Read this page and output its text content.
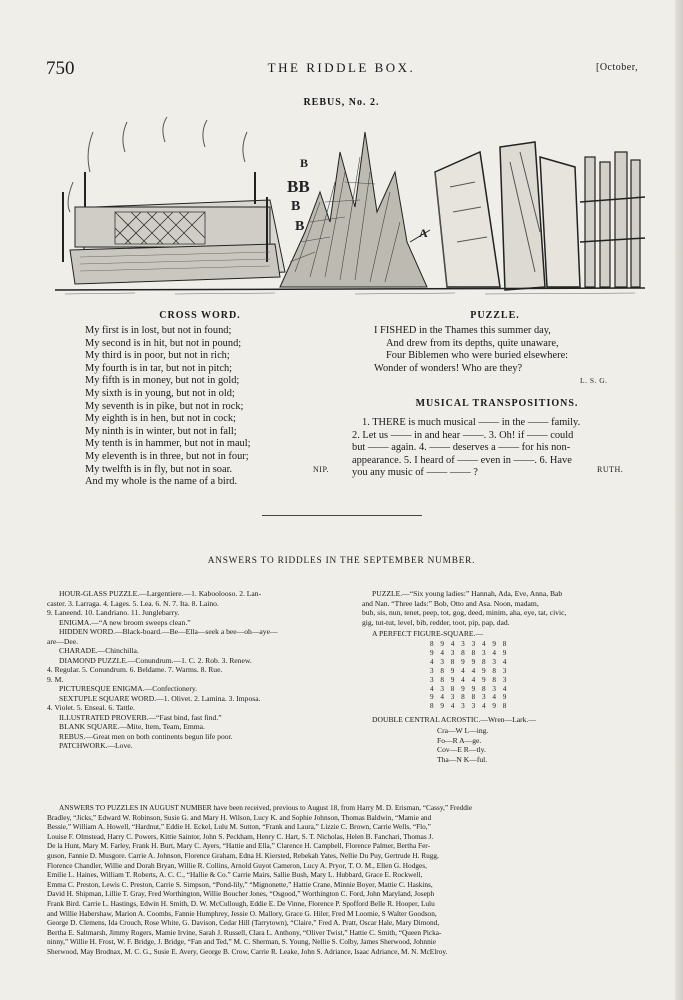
750	THE RIDDLE BOX.	[October,
REBUS, No. 2.
B
BB
B
B	A
CROSS WORD.
My first is in lost, but not in found;
My second is in hit, but not in pound;
My third is in poor, but not in rich;
My fourth is in tar, but not in pitch;
My fifth is in money, but not in gold;
My sixth is in young, but not in old;
My seventh is in pike, but not in rock;
My eighth is in hen, but not in cock;
My ninth is in winter, but not in fall;
My tenth is in hammer, but not in maul;
My eleventh is in three, but not in four;
My twelfth is in fly, but not in soar.
And my whole is the name of a bird.
NIP.
PUZZLE.
I FISHED in the Thames this summer day,
And drew from its depths, quite unaware,
Four Biblemen who were buried elsewhere:
Wonder of wonders! Who are they?
L. S. G.
MUSICAL TRANSPOSITIONS.
1. THERE is much musical —— in the —— family.
2. Let us —— in and hear ——. 3. Oh! if —— could
but —— again. 4. —— deserves a —— for his non-
appearance. 5. I heard of —— even in ——. 6. Have
you any music of —— —— ?	RUTH.
ANSWERS TO RIDDLES IN THE SEPTEMBER NUMBER.
HOUR-GLASS PUZZLE.—Largentiere.—1. Kaboolooso. 2. Lan-
caster. 3. Larraga. 4. Lages. 5. Lea. 6. N. 7. Ita. 8. Laino.
9. Laneend. 10. Landriano. 11. Junglebarry.
ENIGMA.—“A new broom sweeps clean.”
HIDDEN WORD.—Black-board.—Be—Ella—seek a bee—oh—aye—
are—Dee.
CHARADE.—Chinchilla.
DIAMOND PUZZLE.—Conundrum.—1. C. 2. Rob. 3. Renew.
4. Regular. 5. Conundrum. 6. Beldame. 7. Warms. 8. Rue.
9. M.
PICTURESQUE ENIGMA.—Confectionery.
SEXTUPLE SQUARE WORD.—1. Olivet. 2. Lamina. 3. Imposa.
4. Violet. 5. Enseal. 6. Tattle.
ILLUSTRATED PROVERB.—“Fast bind, fast find.”
BLANK SQUARE.—Mite, Item, Team, Emma.
REBUS.—Great men on both continents begun life poor.
PATCHWORK.—Love.
PUZZLE.—“Six young ladies:” Hannah, Ada, Eve, Anna, Bab
and Nan. “Three lads:” Bob, Otto and Asa. Noon, madam,
bub, sis, nun, tenet, peep, tot, gog, deed, minim, aha, eye, tat, civic,
gig, tut-tut, level, bib, redder, toot, pip, pap, dad.
A PERFECT FIGURE-SQUARE.—
8 9 4 3 3 4 9 8
9 4 3 8 8 3 4 9
4 3 8 9 9 8 3 4
3 8 9 4 4 9 8 3
3 8 9 4 4 9 8 3
4 3 8 9 9 8 3 4
9 4 3 8 8 3 4 9
8 9 4 3 3 4 9 8
DOUBLE CENTRAL ACROSTIC.—Wren—Lark.—
Cra—W L—ing.
Fo—R A—ge.
Cov—E R—tly.
Tha—N K—ful.
ANSWERS TO PUZZLES IN AUGUST NUMBER have been received, previous to August 18, from Harry M. D. Erisman, “Cassy,” Freddie
Bradley, “Jicks,” Edward W. Robinson, Susie G. and Mary H. Wilson, Lucy K. and Sophie Johnson, Thomas Baldwin, “Mamie and
Bessie,” William A. Howell, “Hardnut,” Eddie H. Eckel, Lulu M. Sutton, “Frank and Laura,” Lizzie C. Brown, Carrie Wells, “Flo,”
Louise F. Olmstead, Harry C. Powers, Kittie Saintor, John S. Peckham, Henry C. Hart, S. T. Nicholas, Helen B. Fanchari, Thomas J.
De la Hunt, Mary M. Farley, Frank H. Burt, Mary C. Ayers, “Hattie and Ella,” Clarence H. Campbell, Florence Palmer, Bertha Fer-
guson, Fannie D. Musgore. Carrie A. Johnson, Florence Graham, Edna H. Kiersted, Rebekah Yates, Nellie Du Puy, Gertrude H. Rugg,
Florence Chandler, Willie and Dorah Bryan, Willie R. Collins, Arnold Guyot Cameron, Lucy A. Pryor, T. O. M., Ellen G. Hodges,
Emilie L. Haines, William T. Roberts, A. C. C., “Hallie & Co.” Carrie Mairs, Sallie Bush, Mary L. Hubbard, Grace E. Rockwell,
Emma C. Preston, Lewis C. Preston, Carrie S. Simpson, “Pond-lily,” “Mignonette,” Hattie Crane, Minnie Boyer, Mattie C. Haskins,
David H. Shipman, Lillie T. Gray, Fred Worthington, Willie Boucher Jones, “Osgood,” Worthington C. Ford, John Maryland, Joseph
Frank Bird. Carrie L. Hastings, Edwin H. Smith, D. W. McCullough, Eddie E. De Vinne, Florence P. Spofford Belle R. Hooper, Lulu
and Willie Habershaw, Marion A. Coombs, Fannie Humphrey, Jessie O. Mallory, Grace G. Hiler, Fred M Loomie, S Walter Goodson,
George D. Clemens, Ida Crouch, Rose White, G. Davison, Cedar Hill (Tarrytown), “Claire,” Fred A. Pratt, Oscar Hale, Mary Dimond,
Bertha E. Saltmarsh, Jimmy Rogers, Mamie Irvine, Sarah J. Russell, Clara L. Anthony, “Oliver Twist,” Hattie C. Smith, “Queen Picka-
ninny,” Willie H. Frost, W. F. Bridge, J. Bridge, “Fan and Ted,” M. C. Sherman, S. Young, Nellie S. Colby, James Sherwood, Johnnie
Sherwood, May Brodnax, M. C. G., Susie E. Avery, George B. Crow, Carrie R. Leake, John S. Adriance, Isaac Adriance, M. N. McElroy.
